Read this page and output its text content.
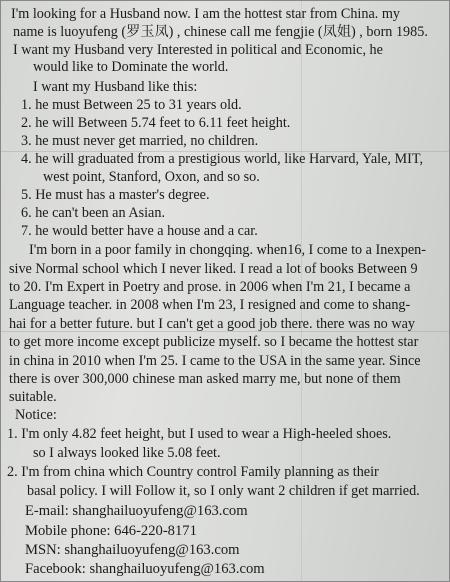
I'm looking for a Husband now. I am the hottest star from China. my

name is luoyufeng (罗玉凤) , chinese call me fengjie (凤姐) , born 1985.

I want my Husband very Interested in political and Economic, he

would like to Dominate the world.

I want my Husband like this:

1. he must Between 25 to 31 years old.

2. he will Between 5.74 feet to 6.11 feet height.

3. he must never get married, no children.

4. he will graduated from a prestigious world, like Harvard, Yale, MIT,

west point, Stanford, Oxon, and so so.

5. He must has a master's degree.

6. he can't been an Asian.

7. he would better have a house and a car.

I'm born in a poor family in chongqing. when16, I come to a Inexpen-

sive Normal school which I never liked. I read a lot of books Between 9

to 20. I'm Expert in Poetry and prose. in 2006 when I'm 21, I became a

Language teacher. in 2008 when I'm 23, I resigned and come to shang-

hai for a better future. but I can't get a good job there. there was no way

to get more income except publicize myself. so I became the hottest star

in china in 2010 when I'm 25. I came to the USA in the same year. Since

there is over 300,000 chinese man asked marry me, but none of them

suitable.

Notice:

1. I'm only 4.82 feet height, but I used to wear a High-heeled shoes.

so I always looked like 5.08 feet.

2. I'm from china which Country control Family planning as their

basal policy. I will Follow it, so I only want 2 children if get married.

E-mail: shanghailuoyufeng@163.com

Mobile phone: 646-220-8171

MSN: shanghailuoyufeng@163.com

Facebook: shanghailuoyufeng@163.com
